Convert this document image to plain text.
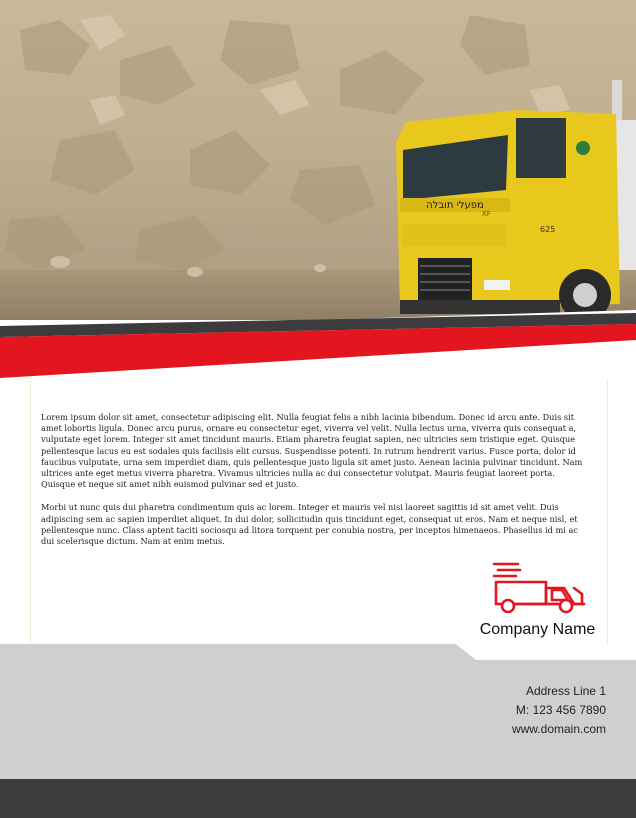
מפעלי תובלה
XF
625

Lorem ipsum dolor sit amet, consectetur adipiscing elit. Nulla feugiat felis a nibh lacinia bibendum. Donec id arcu ante. Duis sit amet lobortis ligula. Donec arcu purus, ornare eu consectetur eget, viverra vel velit. Nulla lectus urna, viverra quis consequat a, vulputate eget lorem. Integer sit amet tincidunt mauris. Etiam pharetra feugiat sapien, nec ultricies sem tristique eget. Quisque pellentesque lacus eu est sodales quis facilisis elit cursus. Suspendisse potenti. In rutrum hendrerit varius. Fusce porta, dolor id faucibus vulputate, urna sem imperdiet diam, quis pellentesque justo ligula sit amet justo. Aenean lacinia pulvinar tincidunt. Nam ultrices ante eget metus viverra pharetra. Vivamus ultricies nulla ac dui consectetur volutpat. Mauris feugiat laoreet porta. Quisque et neque sit amet nibh euismod pulvinar sed et justo.

Morbi ut nunc quis dui pharetra condimentum quis ac lorem. Integer et mauris vel nisi laoreet sagittis id sit amet velit. Duis adipiscing sem ac sapien imperdiet aliquet. In dui dolor, sollicitudin quis tincidunt eget, consequat ut eros. Nam et neque nisl, et pellentesque nunc. Class aptent taciti sociosqu ad litora torquent per conubia nostra, per inceptos himenaeos. Phasellus id mi ac dui scelerisque dictum. Nam at enim metus.

Company Name
Address Line 1
M: 123 456 7890
www.domain.com
